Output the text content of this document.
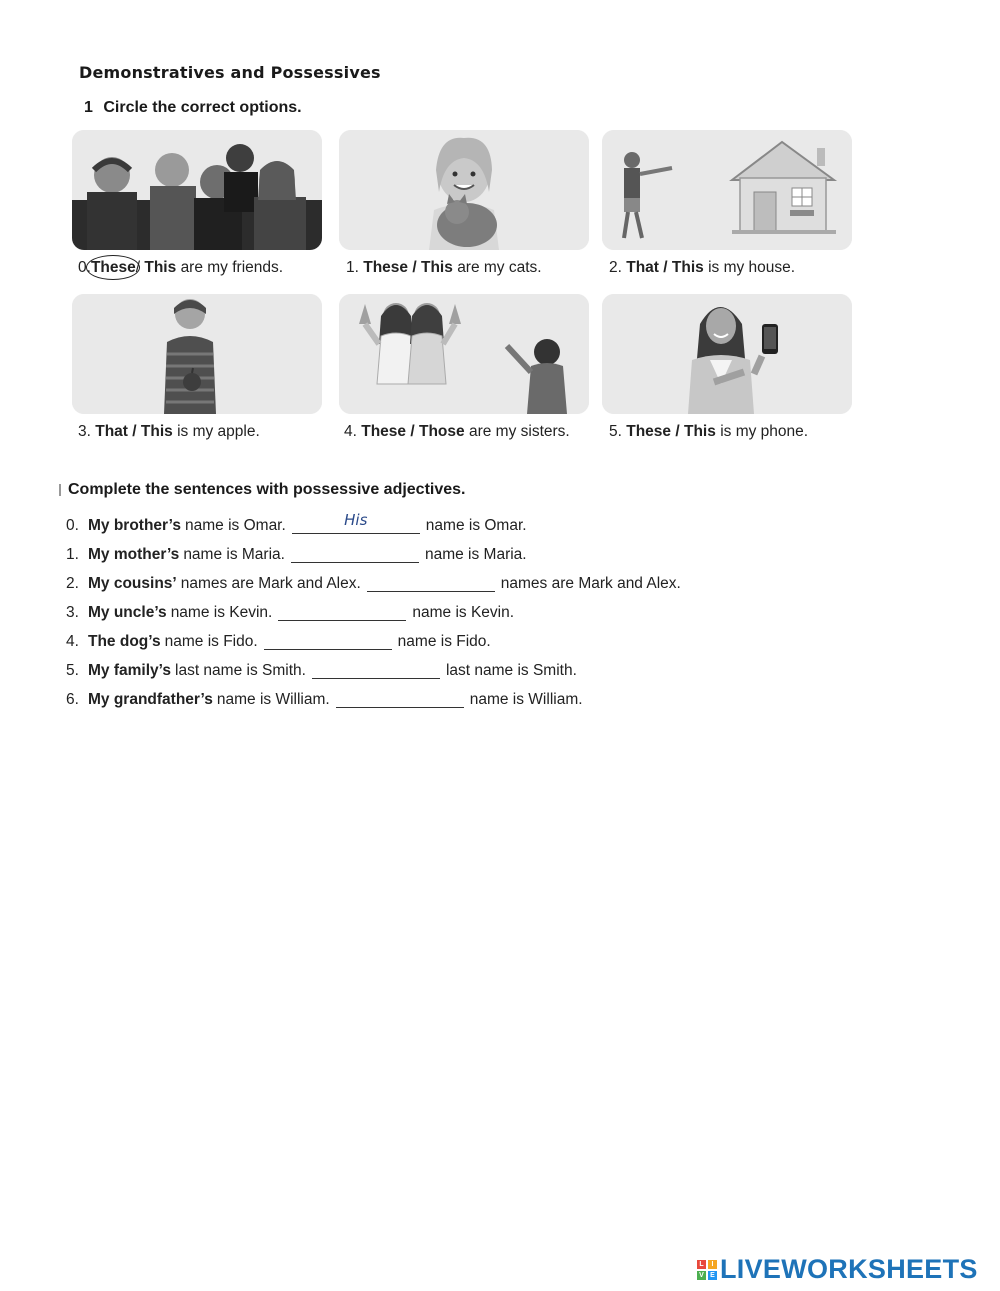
Demonstratives and Possessives
1 Circle the correct options.
0.These/ This are my friends.	1. These / This are my cats.	2. That / This is my house.
3. That / This is my apple.	4. These / Those are my sisters.	5. These / This is my phone.
Complete the sentences with possessive adjectives.
0. My brother’s name is Omar.	His	name is Omar.
1. My mother’s name is Maria.	name is Maria.
2. My cousins’ names are Mark and Alex.	names are Mark and Alex.
3. My uncle’s name is Kevin.	name is Kevin.
4. The dog’s name is Fido.	name is Fido.
5. My family’s last name is Smith.	last name is Smith.
6. My grandfather’s name is William.	name is William.
L	I
V E LIVEWORKSHEETS
